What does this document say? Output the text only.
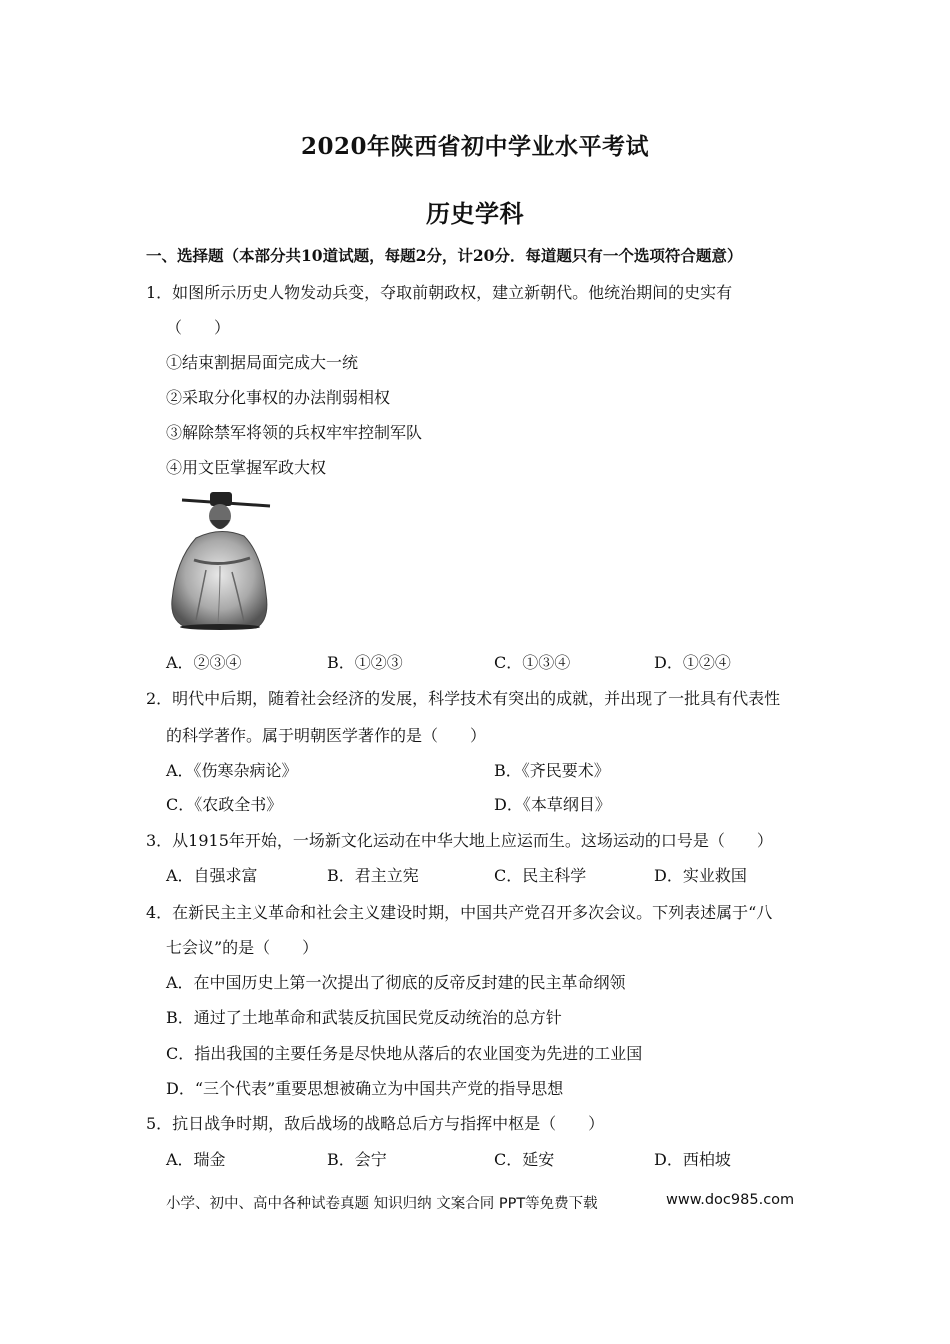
2020年陕西省初中学业水平考试
历史学科
一、选择题（本部分共10道试题，每题2分，计20分．每道题只有一个选项符合题意）
1．如图所示历史人物发动兵变，夺取前朝政权，建立新朝代。他统治期间的史实有
（　　）
①结束割据局面完成大一统
②采取分化事权的办法削弱相权
③解除禁军将领的兵权牢牢控制军队
④用文臣掌握军政大权
A．②③④	B．①②③	C．①③④	D．①②④
2．明代中后期，随着社会经济的发展，科学技术有突出的成就，并出现了一批具有代表性
的科学著作。属于明朝医学著作的是（　　）
A．《伤寒杂病论》	B．《齐民要术》
C．《农政全书》	D．《本草纲目》
3．从1915年开始，一场新文化运动在中华大地上应运而生。这场运动的口号是（　　）
A．自强求富	B．君主立宪	C．民主科学	D．实业救国
4．在新民主主义革命和社会主义建设时期，中国共产党召开多次会议。下列表述属于“八
七会议”的是（　　）
A．在中国历史上第一次提出了彻底的反帝反封建的民主革命纲领
B．通过了土地革命和武装反抗国民党反动统治的总方针
C．指出我国的主要任务是尽快地从落后的农业国变为先进的工业国
D．“三个代表”重要思想被确立为中国共产党的指导思想
5．抗日战争时期，敌后战场的战略总后方与指挥中枢是（　　）
A．瑞金	B．会宁	C．延安	D．西柏坡
小学、初中、高中各种试卷真题 知识归纳 文案合同 PPT等免费下载	www.doc985.com
